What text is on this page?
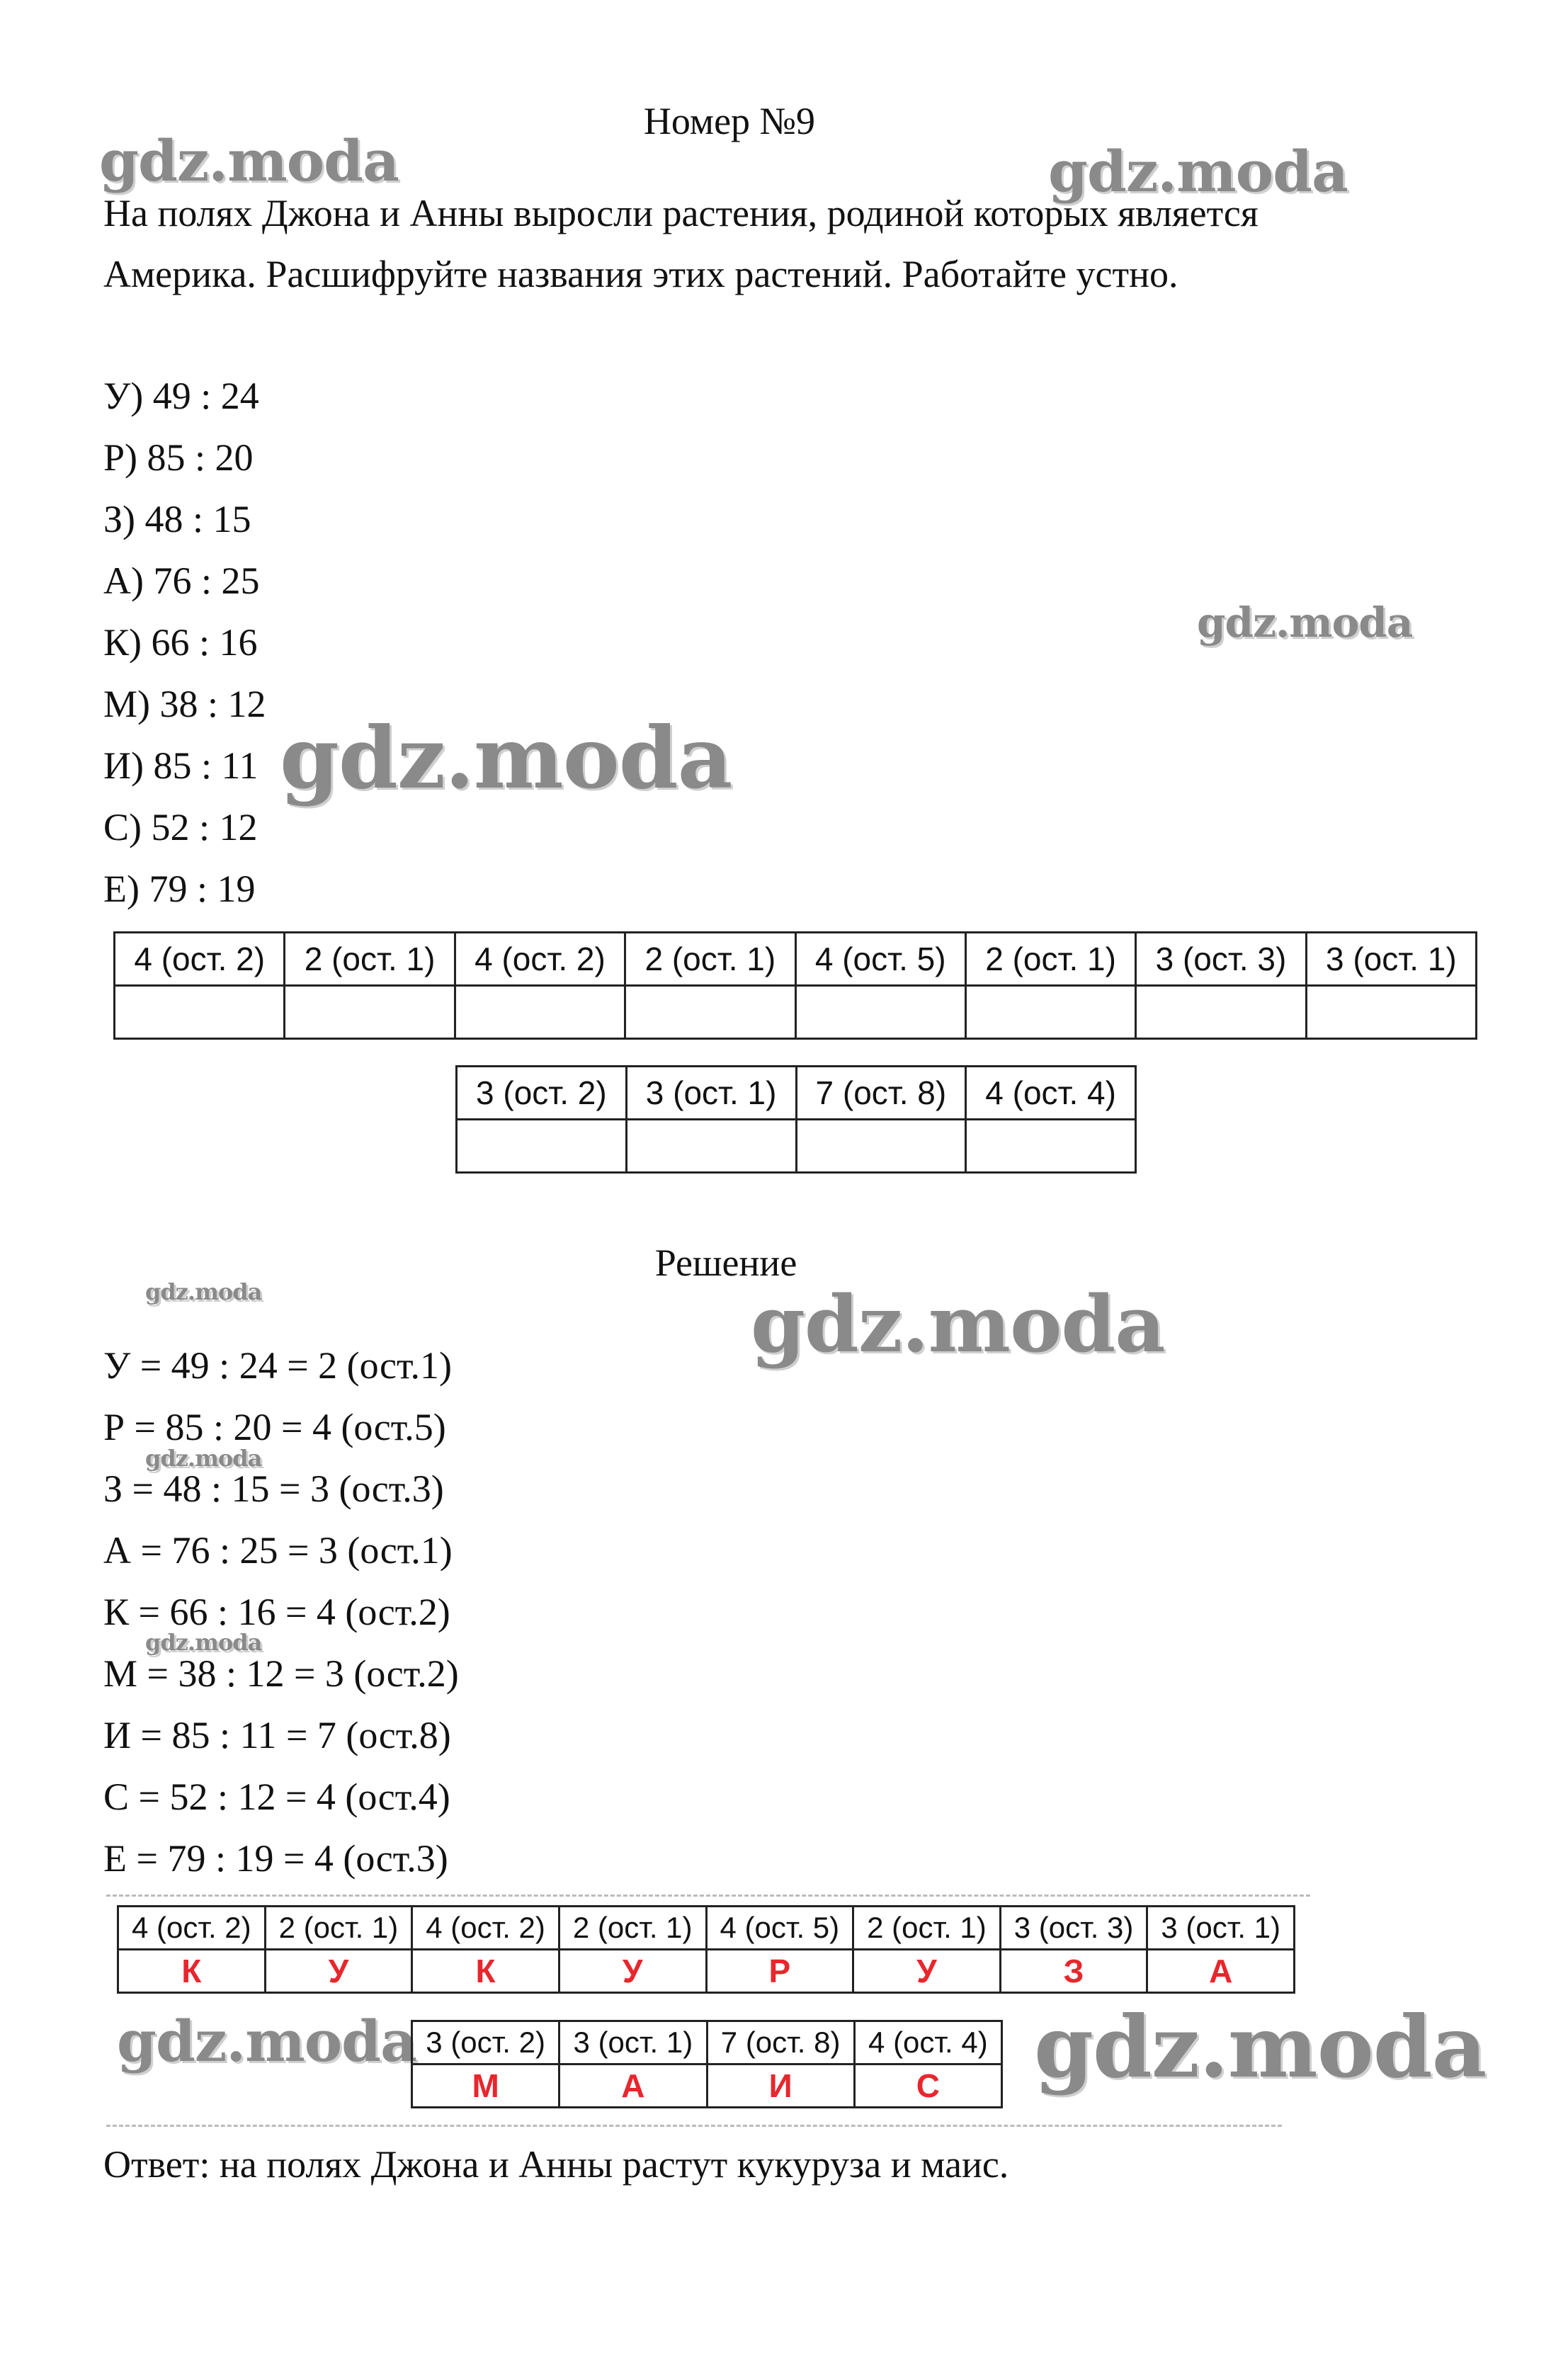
Номер №9
gdz.moda	gdz.moda
gdz.moda
gdz.moda
gdz.moda	gdz.moda
gdz.moda
gdz.moda
gdz.moda	gdz.moda
На полях Джона и Анны выросли растения, родиной которых является Америка. Расшифруйте названия этих растений. Работайте устно.
У) 49 : 24
Р) 85 : 20
З) 48 : 15
А) 76 : 25
К) 66 : 16
М) 38 : 12
И) 85 : 11
С) 52 : 12
Е) 79 : 19
4 (ост. 2)	2 (ост. 1)	4 (ост. 2)	2 (ост. 1)	4 (ост. 5)	2 (ост. 1)	3 (ост. 3)	3 (ост. 1)

3 (ост. 2)	3 (ост. 1)	7 (ост. 8)	4 (ост. 4)

Решение
У = 49 : 24 = 2 (ост.1)
Р = 85 : 20 = 4 (ост.5)
З = 48 : 15 = 3 (ост.3)
А = 76 : 25 = 3 (ост.1)
К = 66 : 16 = 4 (ост.2)
М = 38 : 12 = 3 (ост.2)
И = 85 : 11 = 7 (ост.8)
С = 52 : 12 = 4 (ост.4)
Е = 79 : 19 = 4 (ост.3)
4 (ост. 2)	2 (ост. 1)	4 (ост. 2)	2 (ост. 1)	4 (ост. 5)	2 (ост. 1)	3 (ост. 3)	3 (ост. 1)
К	У	К	У	Р	У	З	А
3 (ост. 2)	3 (ост. 1)	7 (ост. 8)	4 (ост. 4)
М	А	И	С
Ответ: на полях Джона и Анны растут кукуруза и маис.
